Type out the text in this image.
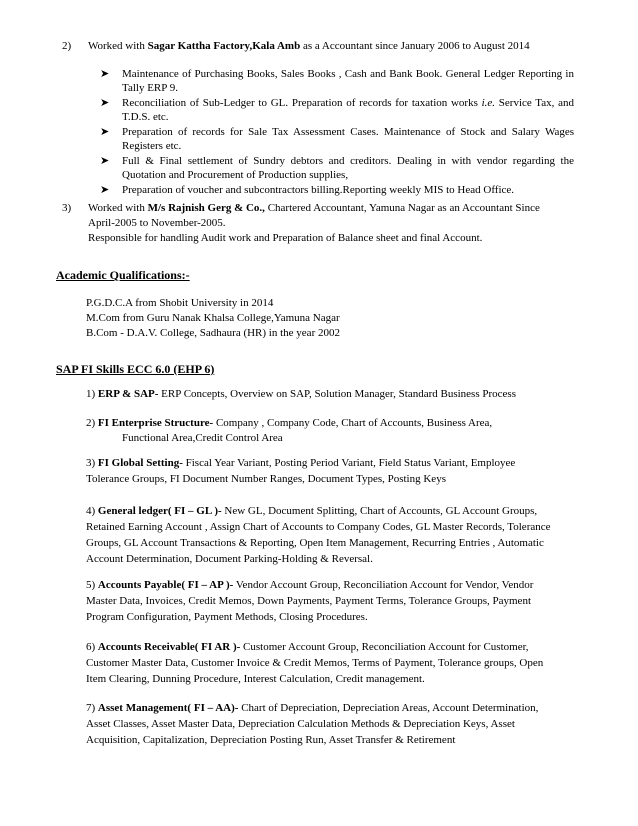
2) Worked with Sagar Kattha Factory,Kala Amb as a Accountant since January 2006 to August 2014
➤ Maintenance of Purchasing Books, Sales Books , Cash and Bank Book. General Ledger Reporting in Tally ERP 9.
➤ Reconciliation of Sub-Ledger to GL. Preparation of records for taxation works i.e. Service Tax, and T.D.S. etc.
➤ Preparation of records for Sale Tax Assessment Cases. Maintenance of Stock and Salary Wages Registers etc.
➤ Full & Final settlement of Sundry debtors and creditors. Dealing in with vendor regarding the Quotation and Procurement of Production supplies,
➤ Preparation of voucher and subcontractors billing.Reporting weekly MIS to Head Office.
3) Worked with M/s Rajnish Gerg & Co., Chartered Accountant, Yamuna Nagar as an Accountant Since
April-2005 to November-2005.
Responsible for handling Audit work and Preparation of Balance sheet and final Account.
Academic Qualifications:-
P.G.D.C.A from Shobit University in 2014
M.Com from Guru Nanak Khalsa College,Yamuna Nagar
B.Com - D.A.V. College, Sadhaura (HR) in the year 2002
SAP FI Skills ECC 6.0 (EHP 6)
1) ERP & SAP- ERP Concepts, Overview on SAP, Solution Manager, Standard Business Process
2) FI Enterprise Structure- Company , Company Code, Chart of Accounts, Business Area,
Functional Area,Credit Control Area
3) FI Global Setting- Fiscal Year Variant, Posting Period Variant, Field Status Variant, Employee
Tolerance Groups, FI Document Number Ranges, Document Types, Posting Keys
4) General ledger( FI – GL )- New GL, Document Splitting, Chart of Accounts, GL Account Groups,
Retained Earning Account , Assign Chart of Accounts to Company Codes, GL Master Records, Tolerance
Groups, GL Account Transactions & Reporting, Open Item Management, Recurring Entries , Automatic
Account Determination, Document Parking-Holding & Reversal.
5) Accounts Payable( FI – AP )- Vendor Account Group, Reconciliation Account for Vendor, Vendor
Master Data, Invoices, Credit Memos, Down Payments, Payment Terms, Tolerance Groups, Payment
Program Configuration, Payment Methods, Closing Procedures.
6) Accounts Receivable( FI AR )- Customer Account Group, Reconciliation Account for Customer,
Customer Master Data, Customer Invoice & Credit Memos, Terms of Payment, Tolerance groups, Open
Item Clearing, Dunning Procedure, Interest Calculation, Credit management.
7) Asset Management( FI – AA)- Chart of Depreciation, Depreciation Areas, Account Determination,
Asset Classes, Asset Master Data, Depreciation Calculation Methods & Depreciation Keys, Asset
Acquisition, Capitalization, Depreciation Posting Run, Asset Transfer & Retirement
